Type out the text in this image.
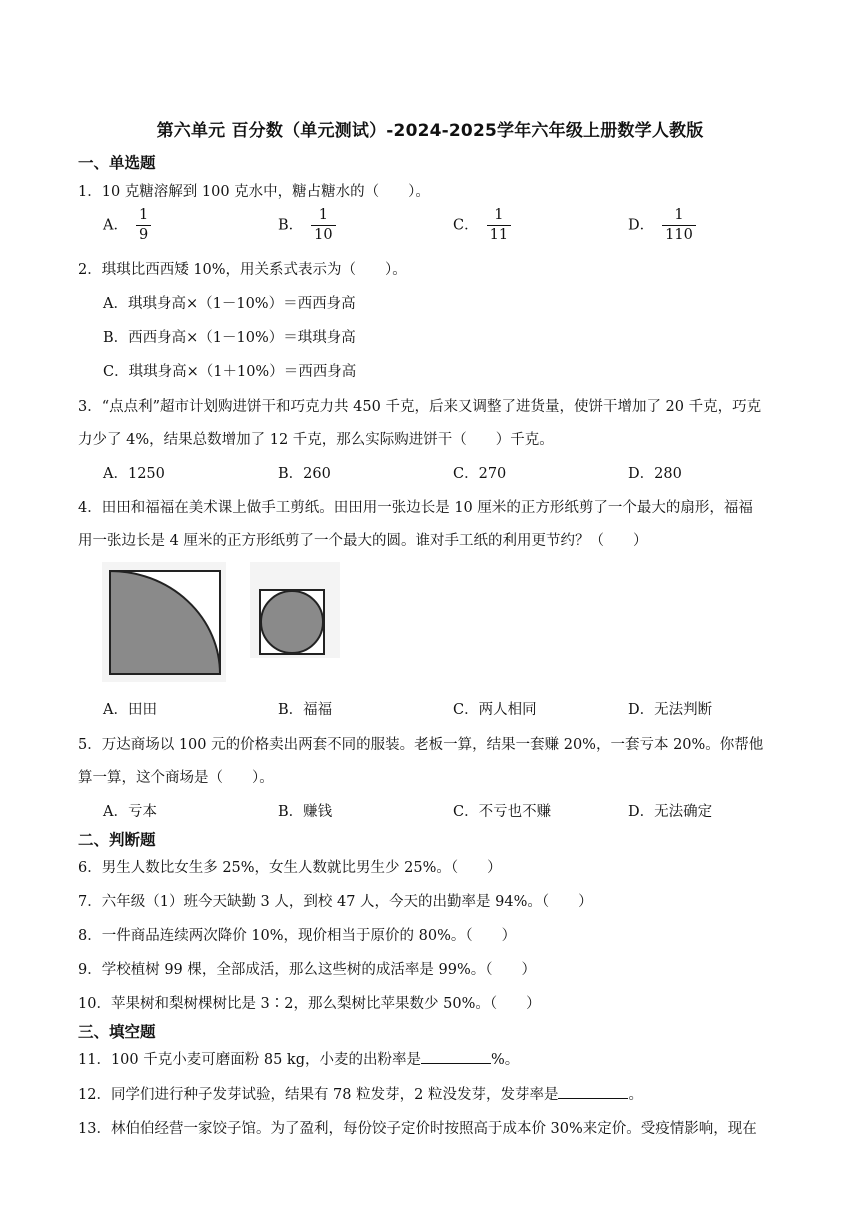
第六单元 百分数（单元测试）-2024-2025学年六年级上册数学人教版
一、单选题
1．10 克糖溶解到 100 克水中，糖占糖水的（　　）。
A． $\frac{1}{9}$	B． $\frac{1}{10}$	C． $\frac{1}{11}$	D． $\frac{1}{110}$
2．琪琪比西西矮 10%，用关系式表示为（　　）。
A．琪琪身高×（1－10%）＝西西身高
B．西西身高×（1－10%）＝琪琪身高
C．琪琪身高×（1＋10%）＝西西身高
3．“点点利”超市计划购进饼干和巧克力共 450 千克，后来又调整了进货量，使饼干增加了 20 千克，巧克
力少了 4%，结果总数增加了 12 千克，那么实际购进饼干（　　）千克。
A．1250	B．260	C．270	D．280
4．田田和福福在美术课上做手工剪纸。田田用一张边长是 10 厘米的正方形纸剪了一个最大的扇形，福福
用一张边长是 4 厘米的正方形纸剪了一个最大的圆。谁对手工纸的利用更节约？（　　）
A．田田	B．福福	C．两人相同	D．无法判断
5．万达商场以 100 元的价格卖出两套不同的服装。老板一算，结果一套赚 20%，一套亏本 20%。你帮他
算一算，这个商场是（　　）。
A．亏本	B．赚钱	C．不亏也不赚	D．无法确定
二、判断题
6．男生人数比女生多 25%，女生人数就比男生少 25%。（　　）
7．六年级（1）班今天缺勤 3 人，到校 47 人，今天的出勤率是 94%。（　　）
8．一件商品连续两次降价 10%，现价相当于原价的 80%。（　　）
9．学校植树 99 棵，全部成活，那么这些树的成活率是 99%。（　　）
10．苹果树和梨树棵树比是 3∶2，那么梨树比苹果数少 50%。（　　）
三、填空题
11．100 千克小麦可磨面粉 85 kg，小麦的出粉率是	%。
12．同学们进行种子发芽试验，结果有 78 粒发芽，2 粒没发芽，发芽率是	。
13．林伯伯经营一家饺子馆。为了盈利，每份饺子定价时按照高于成本价 30%来定价。受疫情影响，现在
